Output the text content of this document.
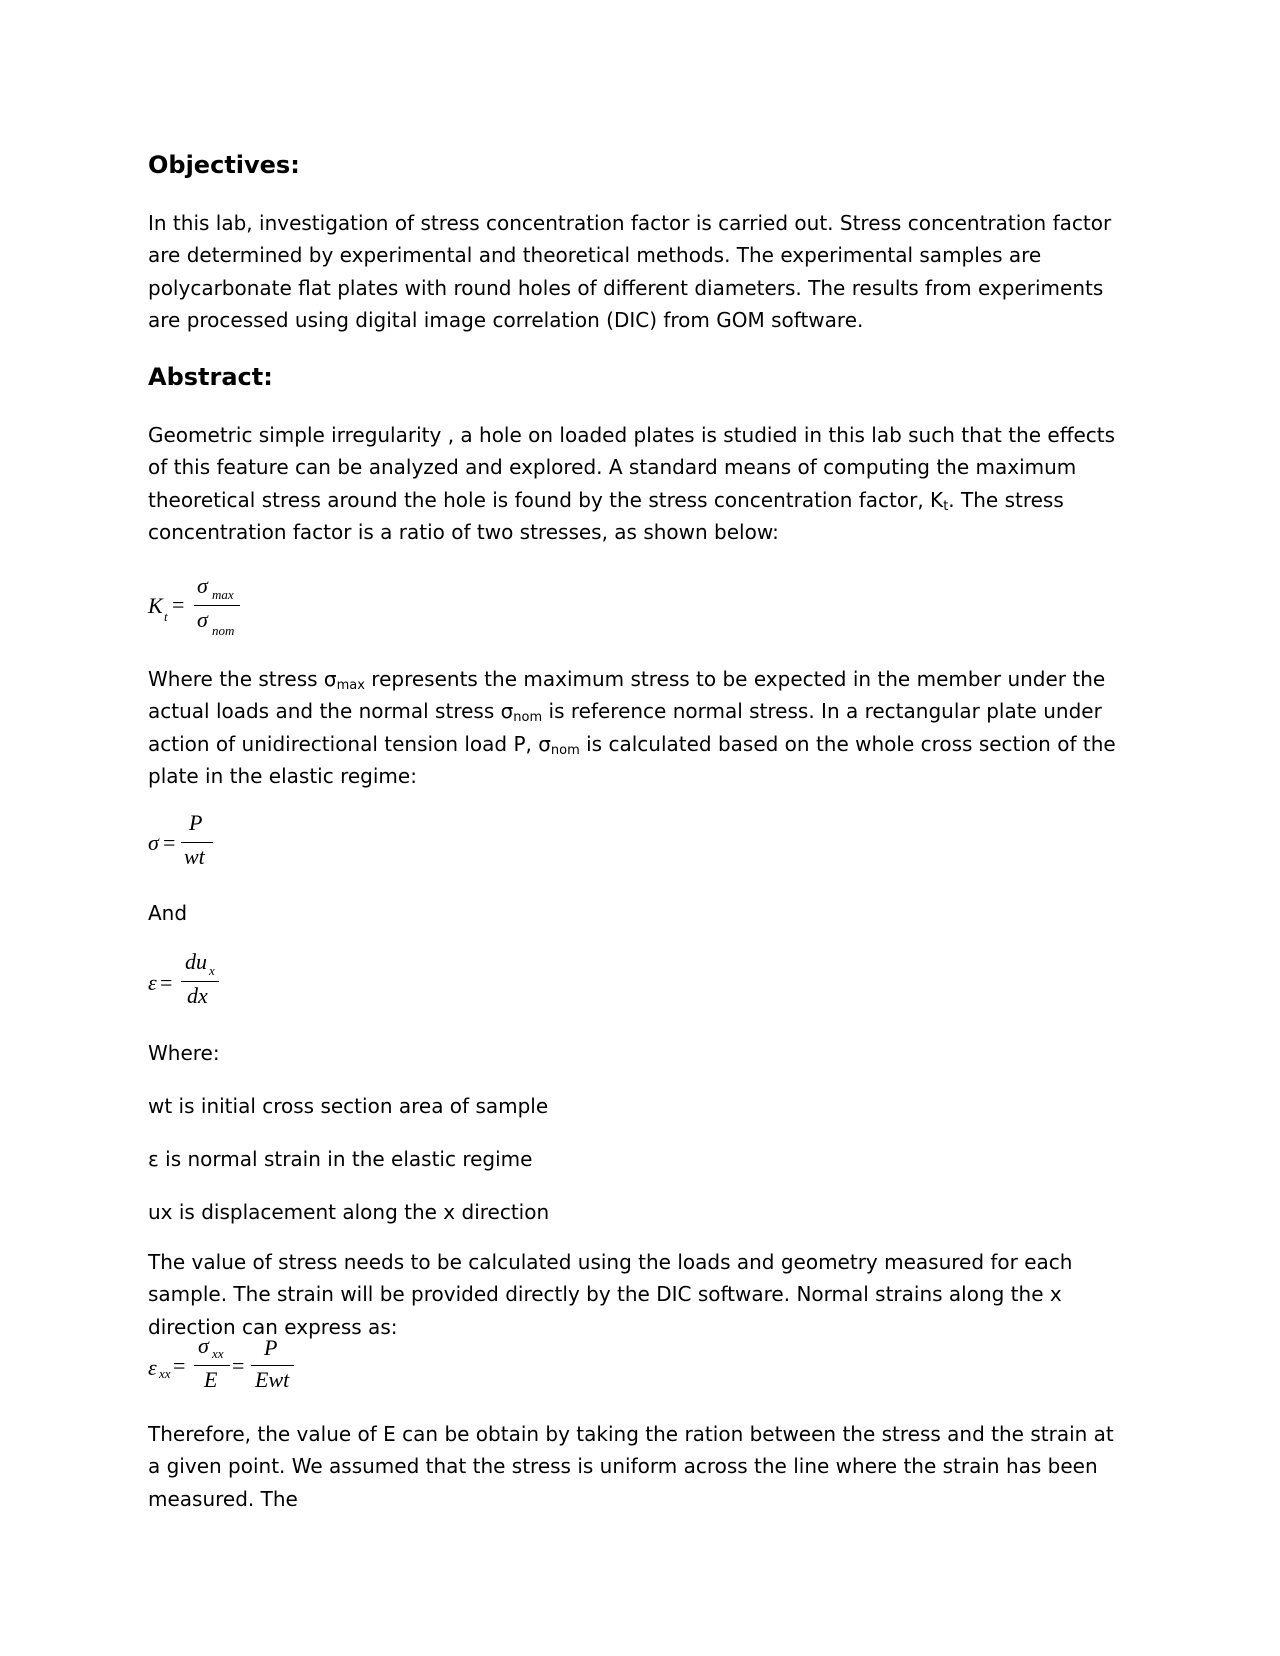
Objectives:

In this lab, investigation of stress concentration factor is carried out. Stress concentration factor are determined by experimental and theoretical methods. The experimental samples are polycarbonate flat plates with round holes of different diameters. The results from experiments are processed using digital image correlation (DIC) from GOM software.

Abstract:

Geometric simple irregularity , a hole on loaded plates is studied in this lab such that the effects of this feature can be analyzed and explored. A standard means of computing the maximum theoretical stress around the hole is found by the stress concentration factor, $K_t$. The stress concentration factor is a ratio of two stresses, as shown below:

K t =
σ max
σ nom

Where the stress $\sigma_{max}$ represents the maximum stress to be expected in the member under the actual loads and the normal stress $\sigma_{nom}$ is reference normal stress. In a rectangular plate under action of unidirectional tension load P, $\sigma_{nom}$ is calculated based on the whole cross section of the plate in the elastic regime:

σ =
P
wt

And

ε =
du x
dx

Where:

wt is initial cross section area of sample

ε is normal strain in the elastic regime

ux is displacement along the x direction

The value of stress needs to be calculated using the loads and geometry measured for each sample. The strain will be provided directly by the DIC software. Normal strains along the x direction can express as:

ε xx =
σ xx
E
=
P
Ewt

Therefore, the value of E can be obtain by taking the ration between the stress and the strain at a given point. We assumed that the stress is uniform across the line where the strain has been measured. The
